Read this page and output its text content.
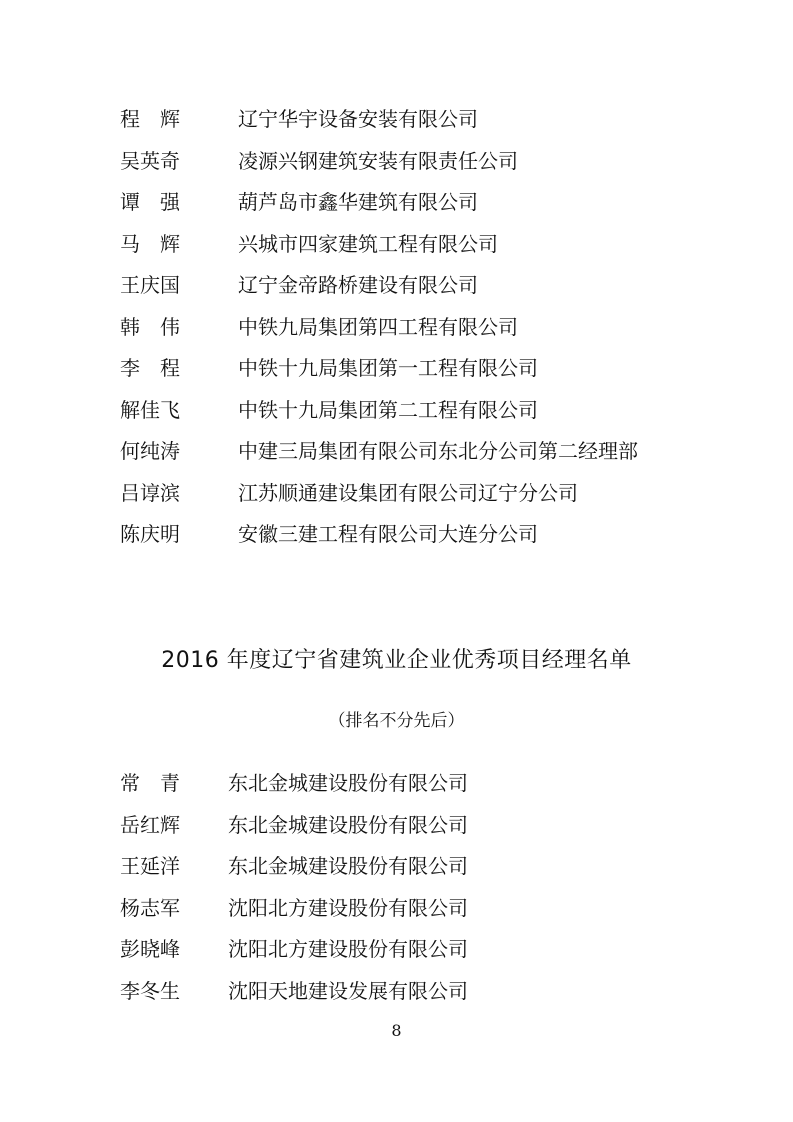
程　辉	辽宁华宇设备安装有限公司
吴英奇	凌源兴钢建筑安装有限责任公司
谭　强	葫芦岛市鑫华建筑有限公司
马　辉	兴城市四家建筑工程有限公司
王庆国	辽宁金帝路桥建设有限公司
韩　伟	中铁九局集团第四工程有限公司
李　程	中铁十九局集团第一工程有限公司
解佳飞	中铁十九局集团第二工程有限公司
何纯涛	中建三局集团有限公司东北分公司第二经理部
吕谆滨	江苏顺通建设集团有限公司辽宁分公司
陈庆明	安徽三建工程有限公司大连分公司
2016 年度辽宁省建筑业企业优秀项目经理名单
（排名不分先后）
常　青	东北金城建设股份有限公司
岳红辉	东北金城建设股份有限公司
王延洋	东北金城建设股份有限公司
杨志军	沈阳北方建设股份有限公司
彭晓峰	沈阳北方建设股份有限公司
李冬生	沈阳天地建设发展有限公司
8
